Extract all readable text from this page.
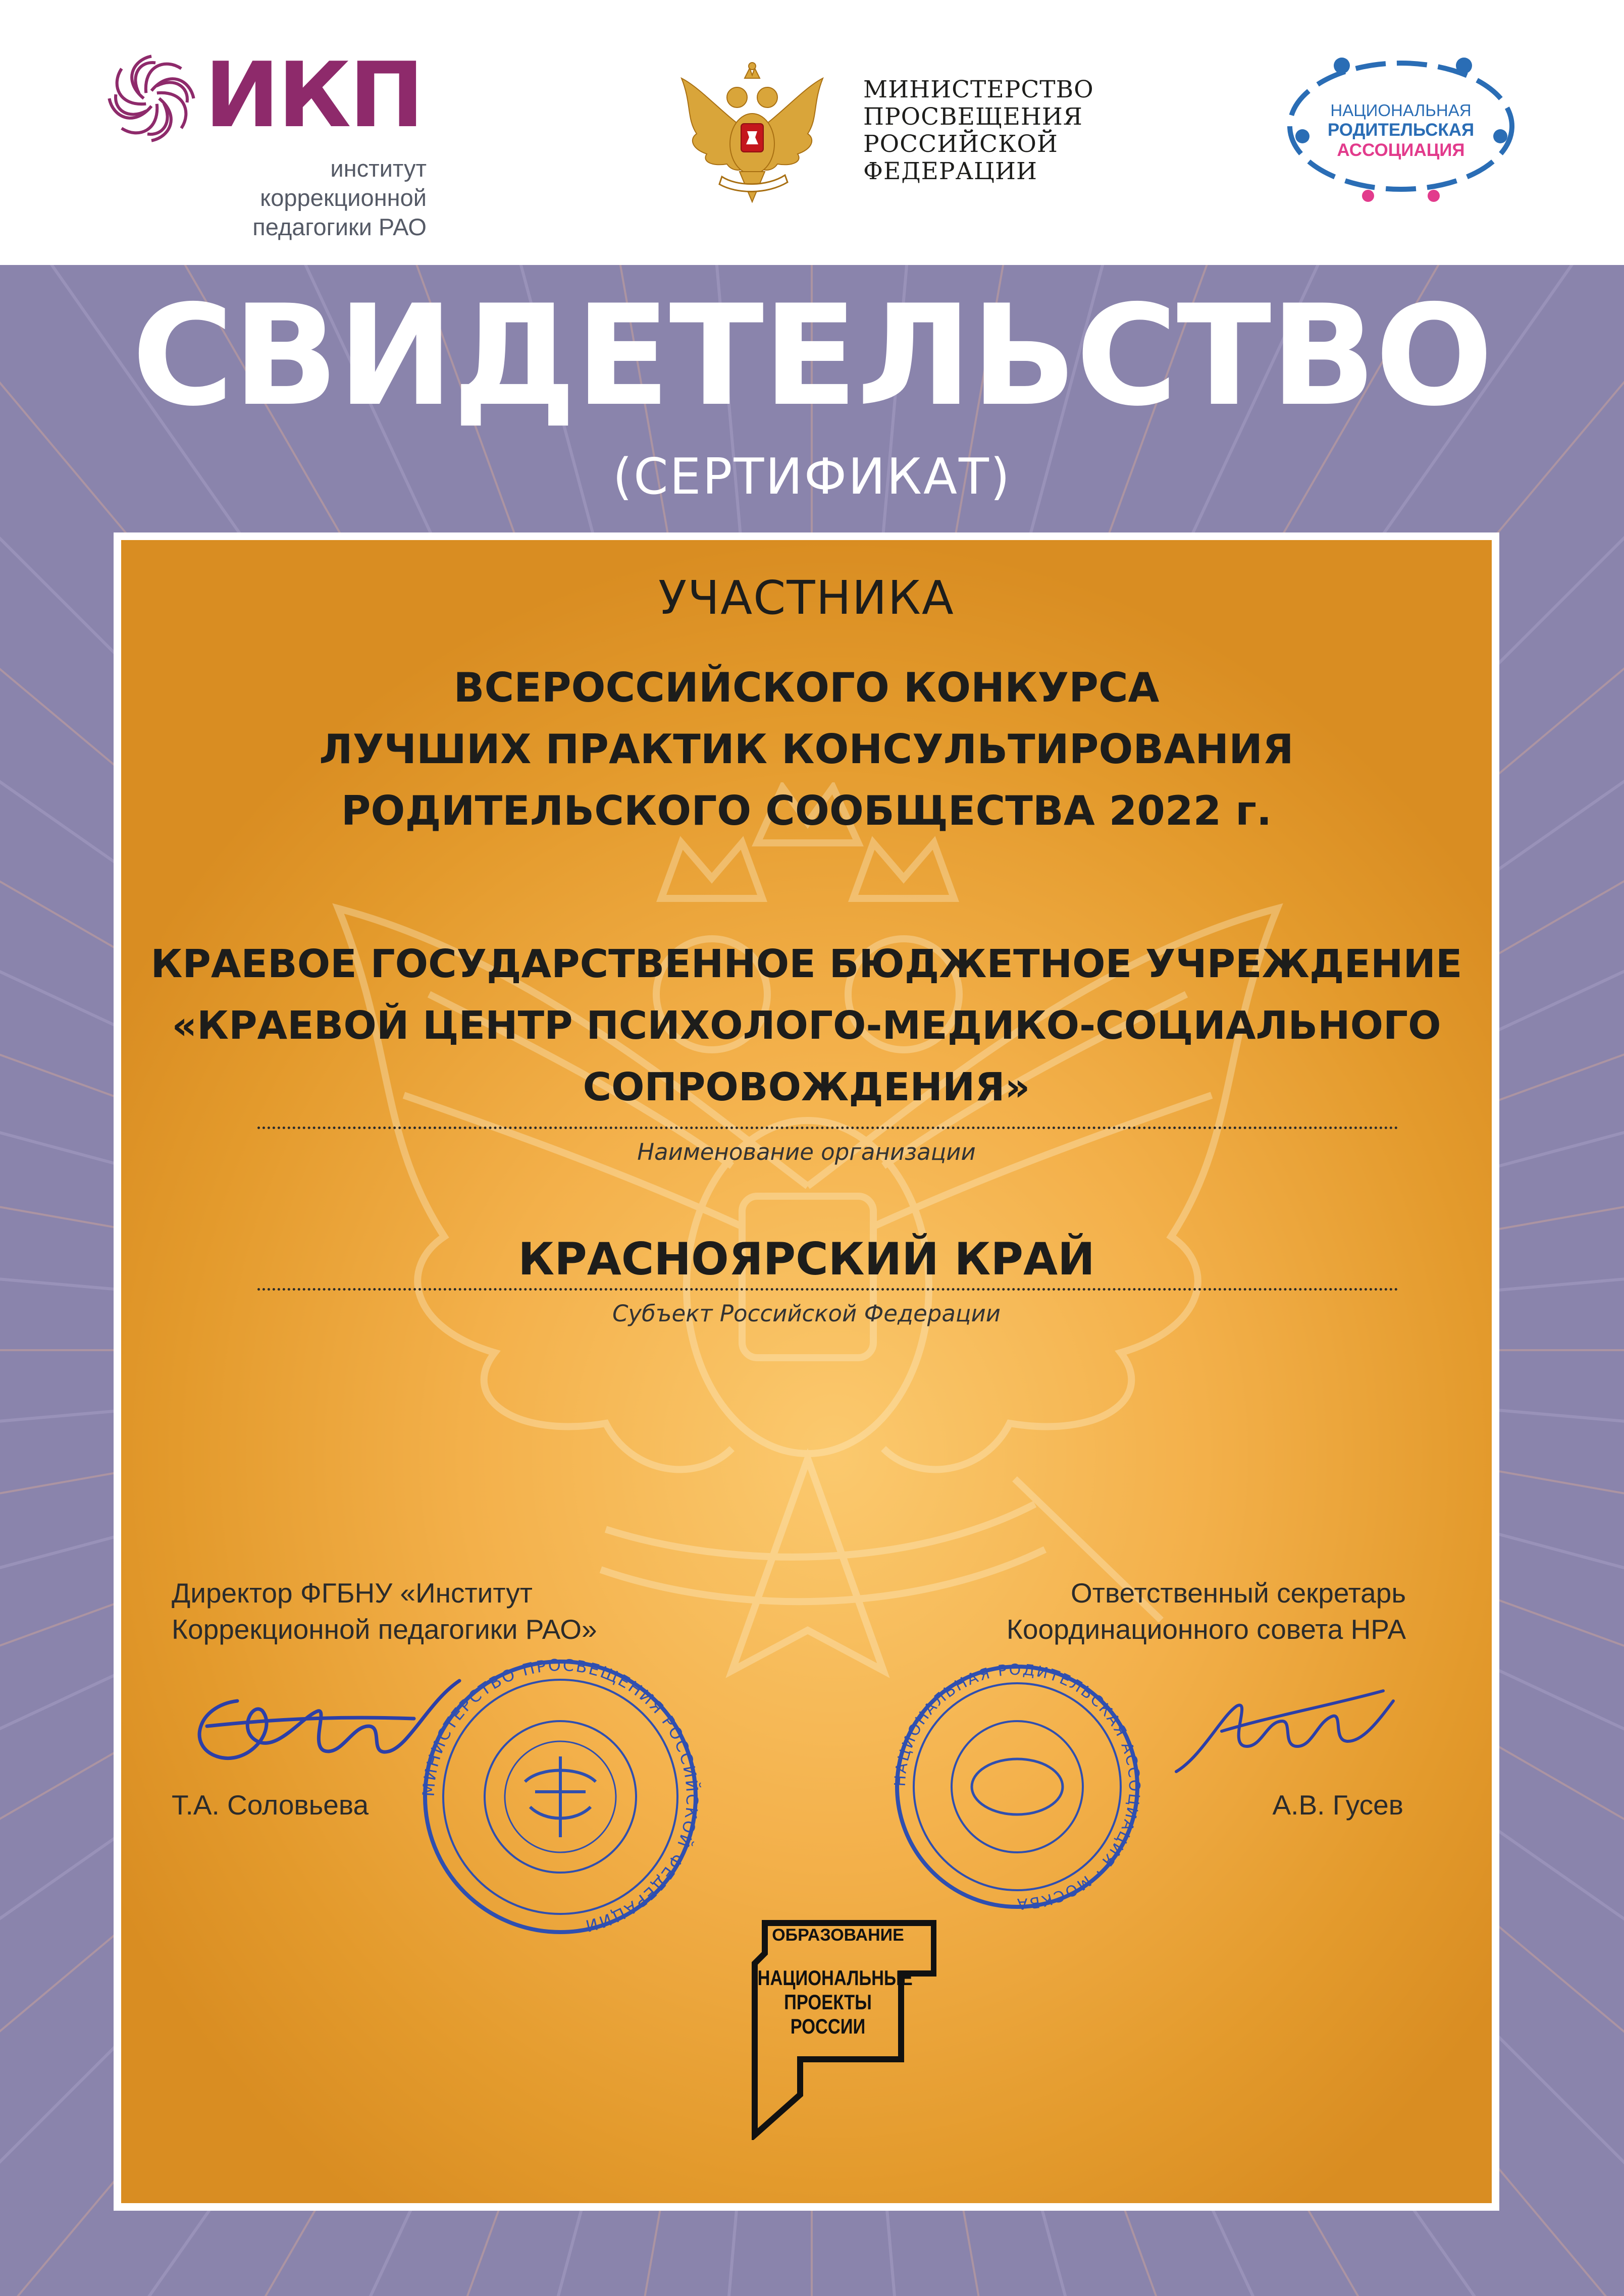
ИКП
институт
коррекционной
педагогики РАО
МИНИСТЕРСТВО
ПРОСВЕЩЕНИЯ
РОССИЙСКОЙ
ФЕДЕРАЦИИ
НАЦИОНАЛЬНАЯ
РОДИТЕЛЬСКАЯ
АССОЦИАЦИЯ
СВИДЕТЕЛЬСТВО
(СЕРТИФИКАТ)
УЧАСТНИКА
ВСЕРОССИЙСКОГО КОНКУРСА
ЛУЧШИХ ПРАКТИК КОНСУЛЬТИРОВАНИЯ
РОДИТЕЛЬСКОГО СООБЩЕСТВА 2022 г.
КРАЕВОЕ ГОСУДАРСТВЕННОЕ БЮДЖЕТНОЕ УЧРЕЖДЕНИЕ
«КРАЕВОЙ ЦЕНТР ПСИХОЛОГО-МЕДИКО-СОЦИАЛЬНОГО
СОПРОВОЖДЕНИЯ»
Наименование организации
КРАСНОЯРСКИЙ КРАЙ
Субъект Российской Федерации
МИНИСТЕРСТВО ПРОСВЕЩЕНИЯ РОССИЙСКОЙ ФЕДЕРАЦИИ
НАЦИОНАЛЬНАЯ РОДИТЕЛЬСКАЯ АССОЦИАЦИЯ · МОСКВА
Директор ФГБНУ «Институт
Коррекционной педагогики РАО»
Ответственный секретарь
Координационного совета НРА
Т.А. Соловьева	А.В. Гусев
ОБРАЗОВАНИЕ
НАЦИОНАЛЬНЫЕ
ПРОЕКТЫ
РОССИИ
